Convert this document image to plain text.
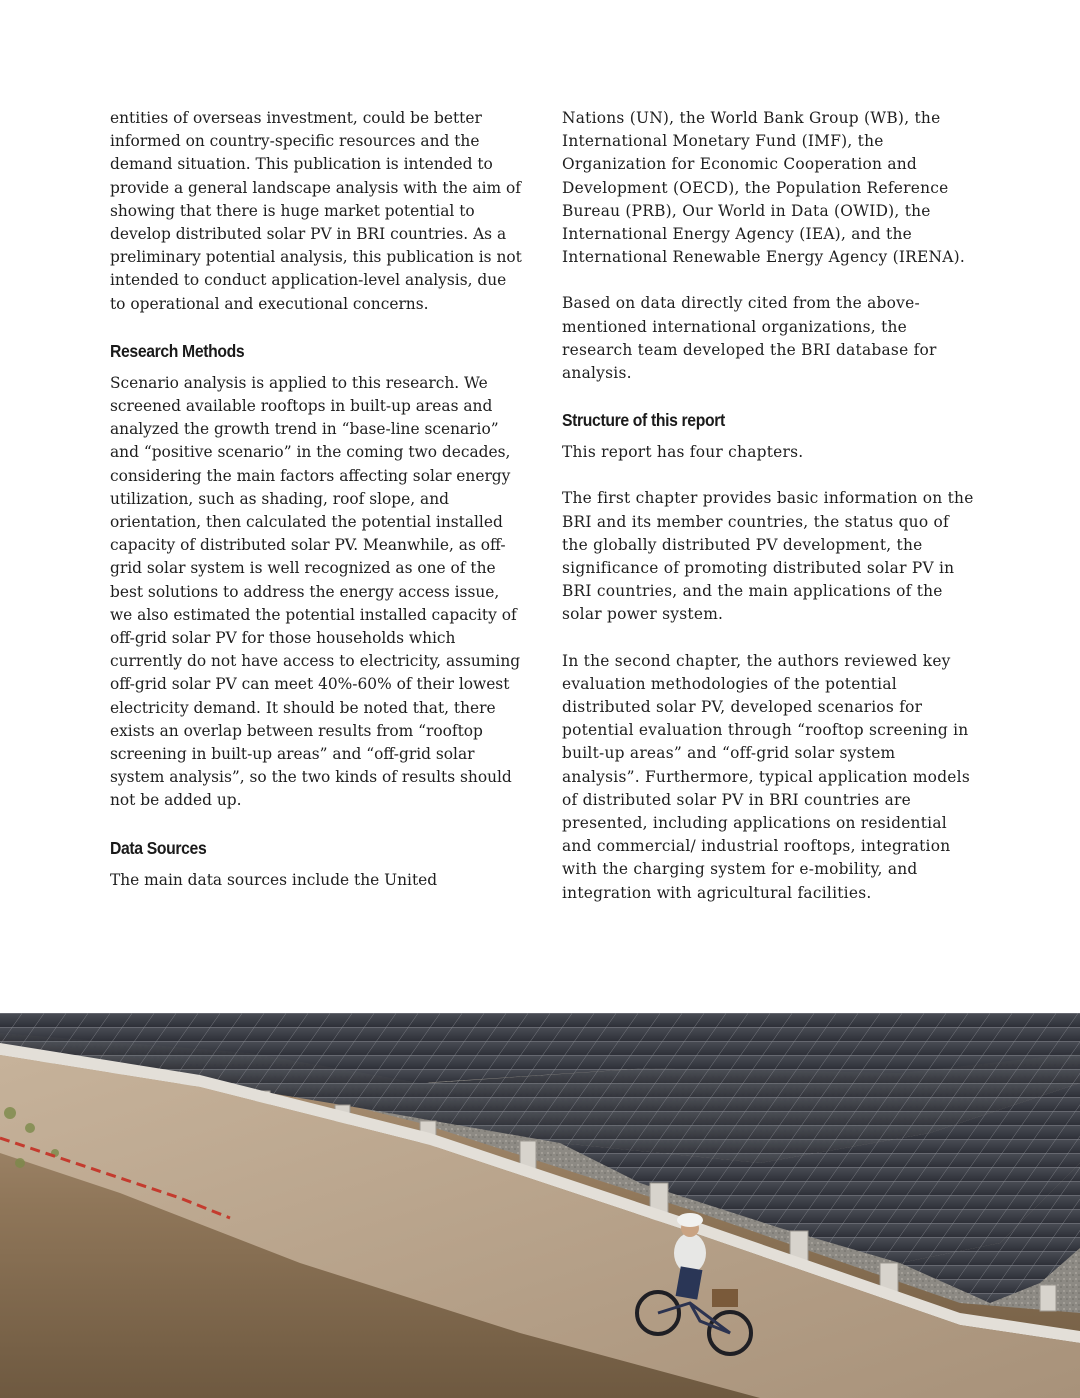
entities of overseas investment, could be better informed on country-specific resources and the demand situation. This publication is intended to provide a general landscape analysis with the aim of showing that there is huge market potential to develop distributed solar PV in BRI countries. As a preliminary potential analysis, this publication is not intended to conduct application-level analysis, due to operational and executional concerns.

Research Methods

Scenario analysis is applied to this research. We screened available rooftops in built-up areas and analyzed the growth trend in “base-line scenario” and “positive scenario” in the coming two decades, considering the main factors affecting solar energy utilization, such as shading, roof slope, and orientation, then calculated the potential installed capacity of distributed solar PV. Meanwhile, as off-grid solar system is well recognized as one of the best solutions to address the energy access issue, we also estimated the potential installed capacity of off-grid solar PV for those households which currently do not have access to electricity, assuming off-grid solar PV can meet 40%-60% of their lowest electricity demand. It should be noted that, there exists an overlap between results from “rooftop screening in built-up areas” and “off-grid solar system analysis”, so the two kinds of results should not be added up.

Data Sources

The main data sources include the United

Nations (UN), the World Bank Group (WB), the International Monetary Fund (IMF), the Organization for Economic Cooperation and Development (OECD), the Population Reference Bureau (PRB), Our World in Data (OWID), the International Energy Agency (IEA), and the International Renewable Energy Agency (IRENA).

Based on data directly cited from the above-mentioned international organizations, the research team developed the BRI database for analysis.

Structure of this report

This report has four chapters.

The first chapter provides basic information on the BRI and its member countries, the status quo of the globally distributed PV development, the significance of promoting distributed solar PV in BRI countries, and the main applications of the solar power system.

In the second chapter, the authors reviewed key evaluation methodologies of the potential distributed solar PV, developed scenarios for potential evaluation through “rooftop screening in built-up areas” and “off-grid solar system analysis”. Furthermore, typical application models of distributed solar PV in BRI countries are presented, including applications on residential and commercial/ industrial rooftops, integration with the charging system for e-mobility, and integration with agricultural facilities.
